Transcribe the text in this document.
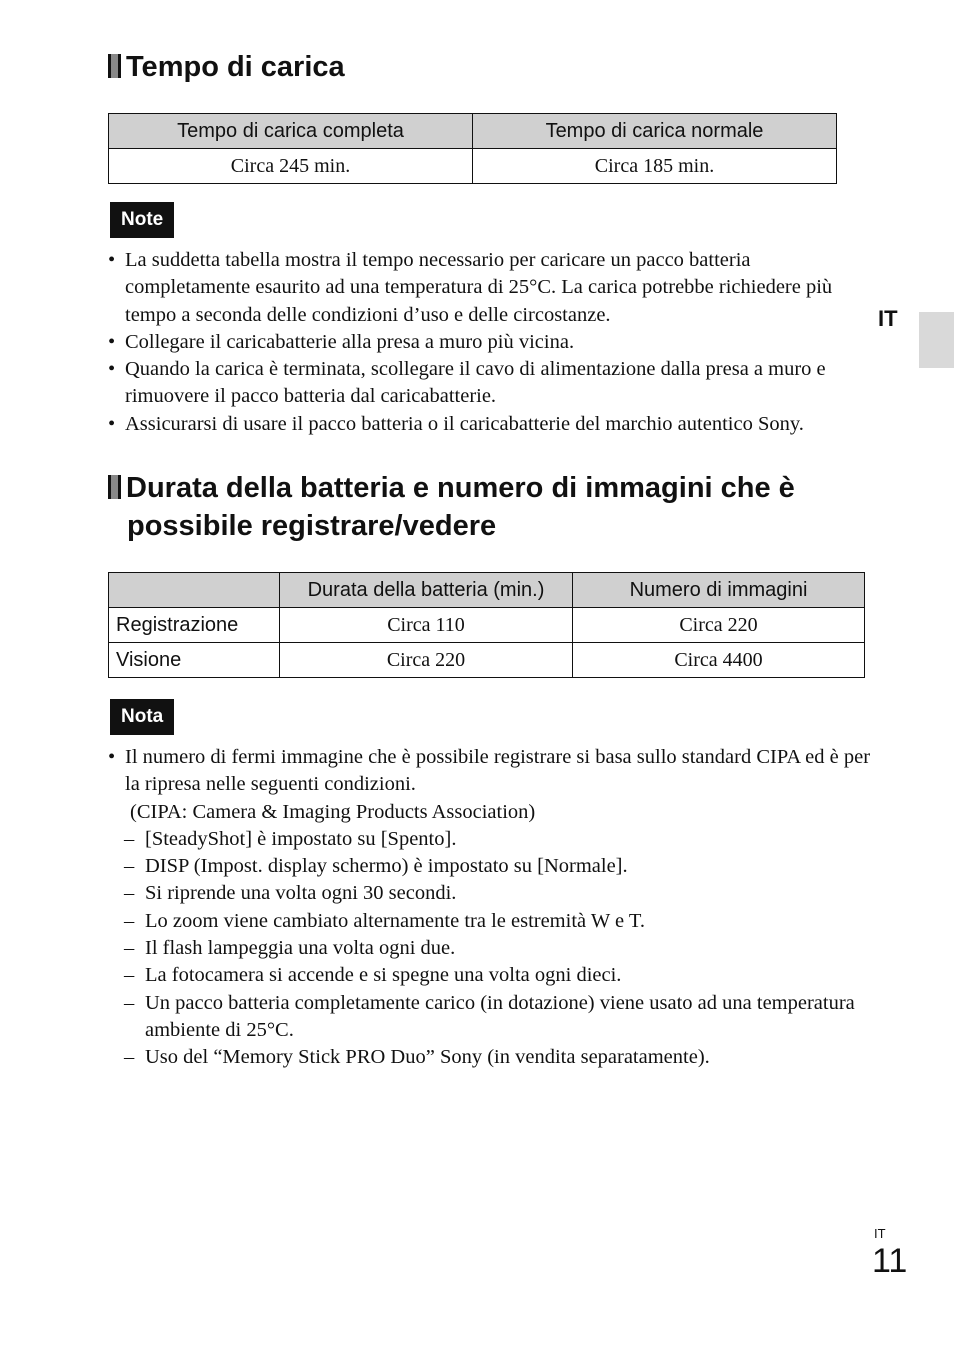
Tempo di carica
Tempo di carica completa	Tempo di carica normale
Circa 245 min.	Circa 185 min.
Note
• La suddetta tabella mostra il tempo necessario per caricare un pacco batteria completamente esaurito ad una temperatura di 25°C. La carica potrebbe richiedere più tempo a seconda delle condizioni d’uso e delle circostanze.
• Collegare il caricabatterie alla presa a muro più vicina.
• Quando la carica è terminata, scollegare il cavo di alimentazione dalla presa a muro e rimuovere il pacco batteria dal caricabatterie.
• Assicurarsi di usare il pacco batteria o il caricabatterie del marchio autentico Sony.
IT
Durata della batteria e numero di immagini che è
possibile registrare/vedere
	Durata della batteria (min.)	Numero di immagini
Registrazione	Circa 110	Circa 220
Visione	Circa 220	Circa 4400
Nota
• Il numero di fermi immagine che è possibile registrare si basa sullo standard CIPA ed è per la ripresa nelle seguenti condizioni.
(CIPA: Camera & Imaging Products Association)
– [SteadyShot] è impostato su [Spento].
– DISP (Impost. display schermo) è impostato su [Normale].
– Si riprende una volta ogni 30 secondi.
– Lo zoom viene cambiato alternamente tra le estremità W e T.
– Il flash lampeggia una volta ogni due.
– La fotocamera si accende e si spegne una volta ogni dieci.
– Un pacco batteria completamente carico (in dotazione) viene usato ad una temperatura ambiente di 25°C.
– Uso del “Memory Stick PRO Duo” Sony (in vendita separatamente).
IT
11
